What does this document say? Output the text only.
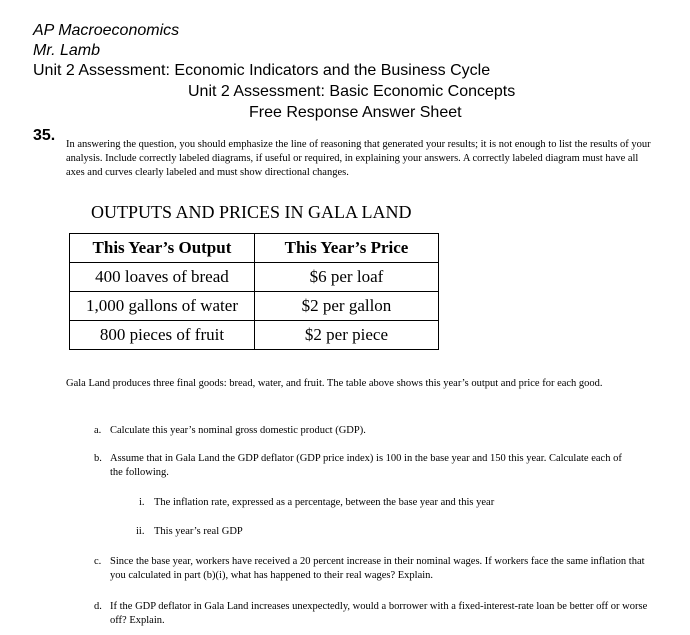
AP Macroeconomics
Mr. Lamb
Unit 2 Assessment: Economic Indicators and the Business Cycle
Unit 2 Assessment: Basic Economic Concepts
Free Response Answer Sheet
35.
In answering the question, you should emphasize the line of reasoning that generated your results; it is not enough to list the results of your analysis. Include correctly labeled diagrams, if useful or required, in explaining your answers. A correctly labeled diagram must have all axes and curves clearly labeled and must show directional changes.
OUTPUTS AND PRICES IN GALA LAND
This Year’s Output	This Year’s Price
400 loaves of bread	$6 per loaf
1,000 gallons of water	$2 per gallon
800 pieces of fruit	$2 per piece
Gala Land produces three final goods: bread, water, and fruit. The table above shows this year’s output and price for each good.
a. Calculate this year’s nominal gross domestic product (GDP).
b. Assume that in Gala Land the GDP deflator (GDP price index) is 100 in the base year and 150 this year. Calculate each of the following.
i. The inflation rate, expressed as a percentage, between the base year and this year
ii. This year’s real GDP
c. Since the base year, workers have received a 20 percent increase in their nominal wages. If workers face the same inflation that you calculated in part (b)(i), what has happened to their real wages? Explain.
d. If the GDP deflator in Gala Land increases unexpectedly, would a borrower with a fixed-interest-rate loan be better off or worse off? Explain.
